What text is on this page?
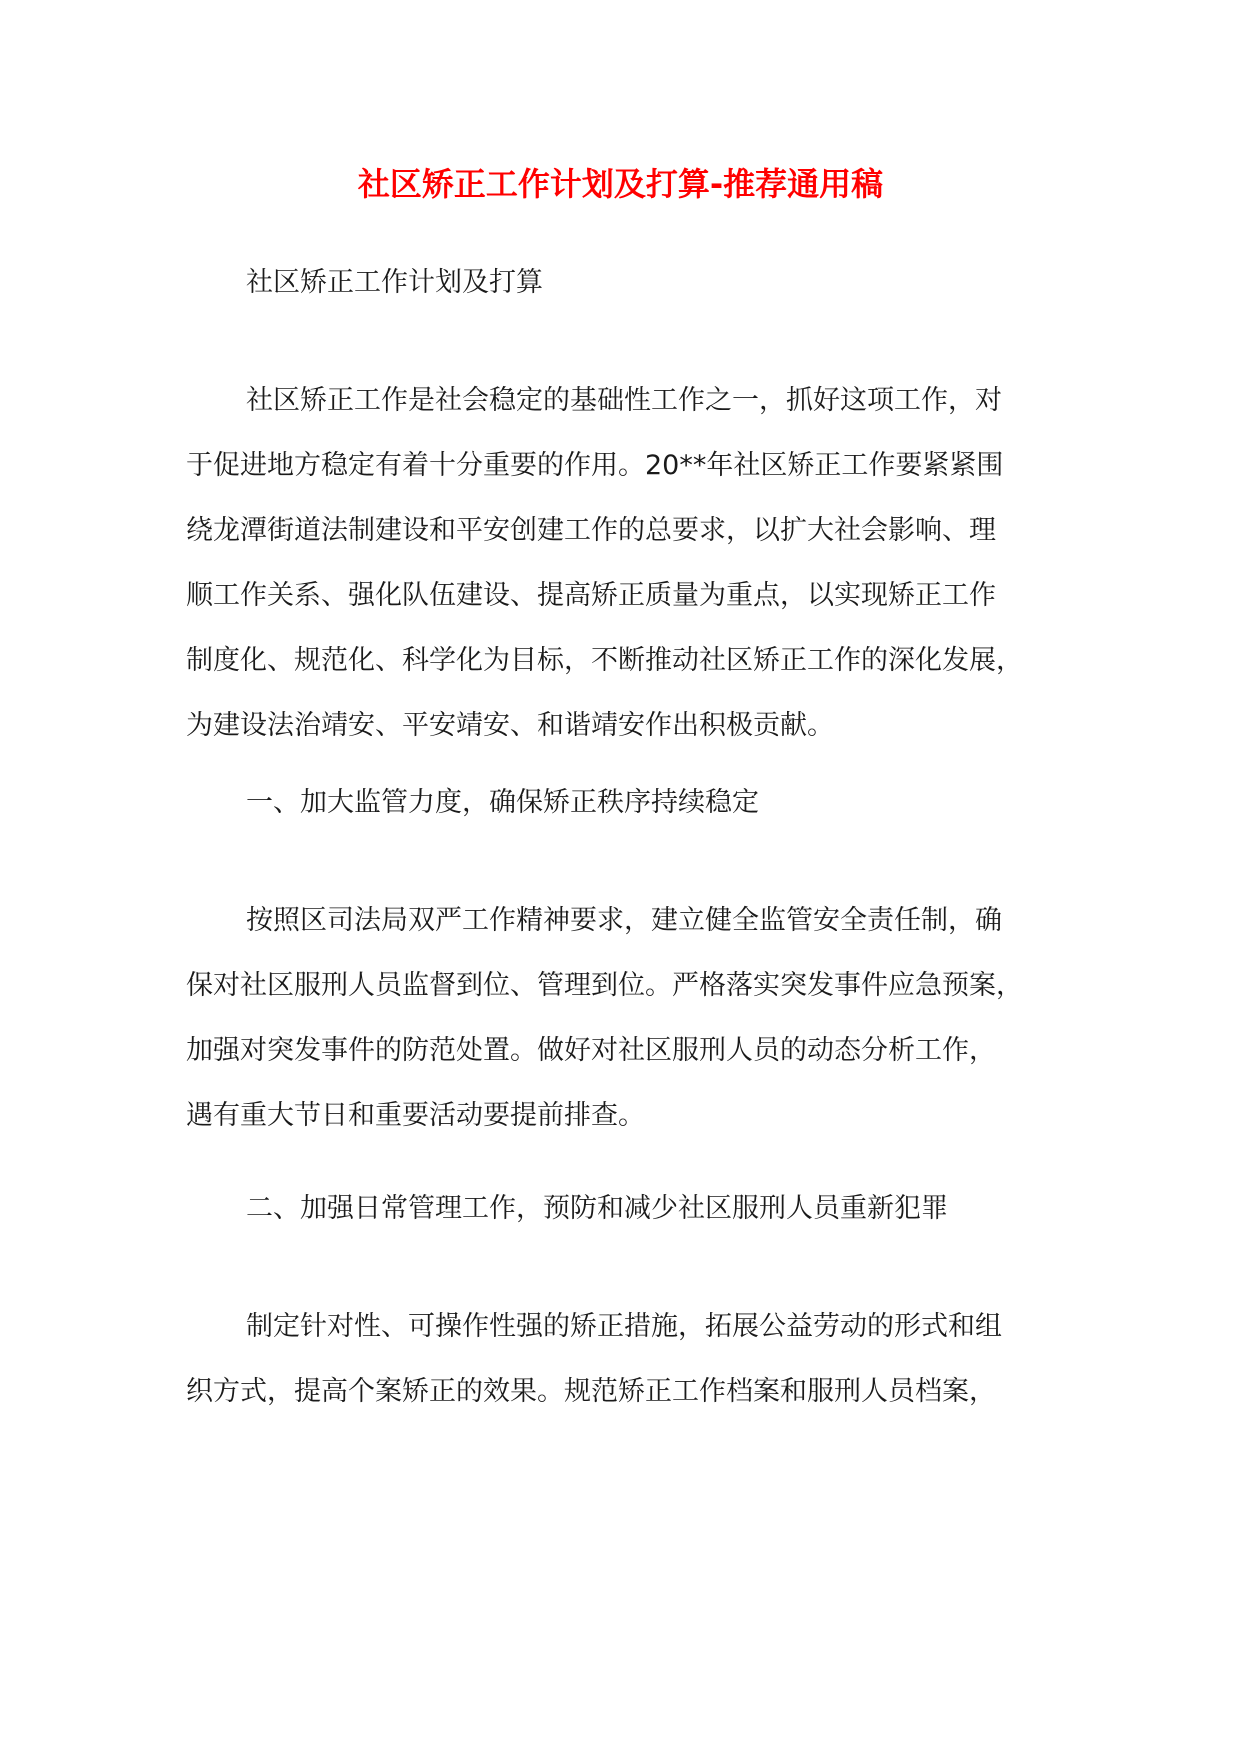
社区矫正工作计划及打算-推荐通用稿
社区矫正工作计划及打算
社区矫正工作是社会稳定的基础性工作之一，抓好这项工作，对
于促进地方稳定有着十分重要的作用。20**年社区矫正工作要紧紧围
绕龙潭街道法制建设和平安创建工作的总要求，以扩大社会影响、理
顺工作关系、强化队伍建设、提高矫正质量为重点，以实现矫正工作
制度化、规范化、科学化为目标，不断推动社区矫正工作的深化发展，
为建设法治靖安、平安靖安、和谐靖安作出积极贡献。
一、加大监管力度，确保矫正秩序持续稳定
按照区司法局双严工作精神要求，建立健全监管安全责任制，确
保对社区服刑人员监督到位、管理到位。严格落实突发事件应急预案，
加强对突发事件的防范处置。做好对社区服刑人员的动态分析工作，
遇有重大节日和重要活动要提前排查。
二、加强日常管理工作，预防和减少社区服刑人员重新犯罪
制定针对性、可操作性强的矫正措施，拓展公益劳动的形式和组
织方式，提高个案矫正的效果。规范矫正工作档案和服刑人员档案，
